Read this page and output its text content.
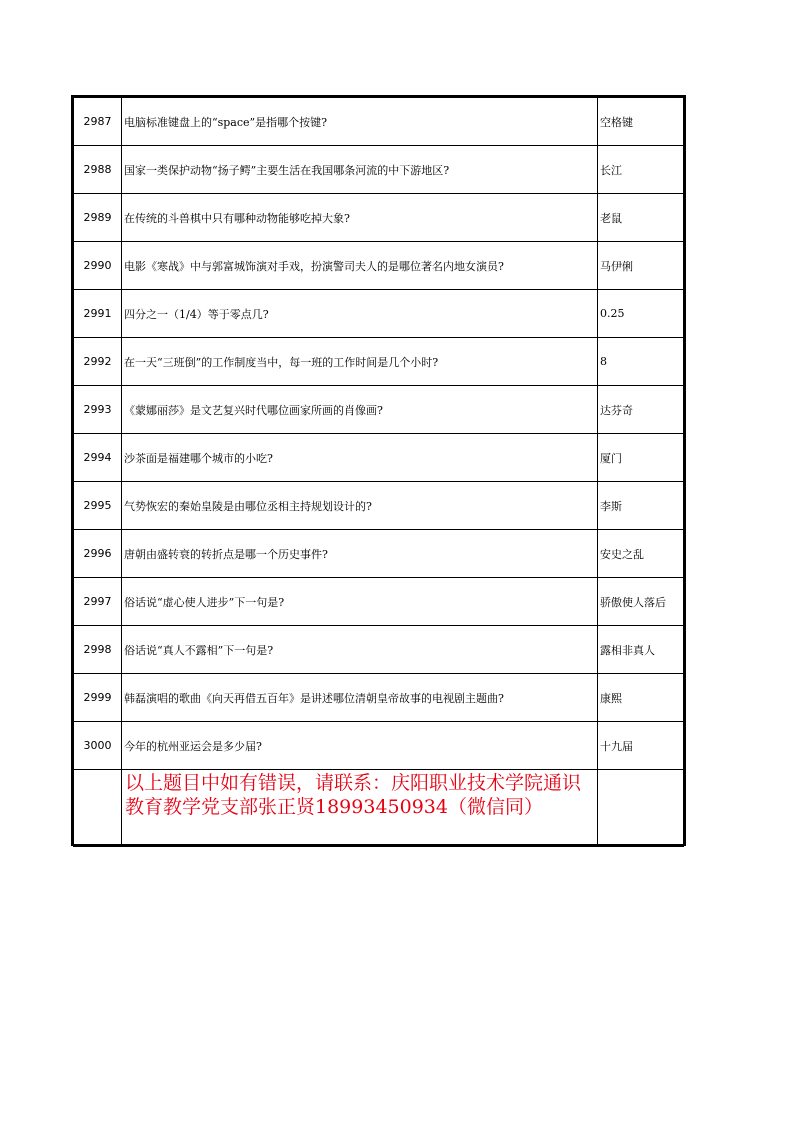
2987	电脑标准键盘上的“space”是指哪个按键?	空格键
2988	国家一类保护动物“扬子鳄”主要生活在我国哪条河流的中下游地区?	长江
2989	在传统的斗兽棋中只有哪种动物能够吃掉大象?	老鼠
2990	电影《寒战》中与郭富城饰演对手戏，扮演警司夫人的是哪位著名内地女演员?	马伊俐
2991	四分之一（1/4）等于零点几?	0.25
2992	在一天“三班倒”的工作制度当中，每一班的工作时间是几个小时?	8
2993	《蒙娜丽莎》是文艺复兴时代哪位画家所画的肖像画?	达芬奇
2994	沙茶面是福建哪个城市的小吃?	厦门
2995	气势恢宏的秦始皇陵是由哪位丞相主持规划设计的?	李斯
2996	唐朝由盛转衰的转折点是哪一个历史事件?	安史之乱
2997	俗话说“虚心使人进步”下一句是?	骄傲使人落后
2998	俗话说“真人不露相”下一句是?	露相非真人
2999	韩磊演唱的歌曲《向天再借五百年》是讲述哪位清朝皇帝故事的电视剧主题曲?	康熙
3000	今年的杭州亚运会是多少届?	十九届

	以上题目中如有错误，请联系：庆阳职业技术学院通识教育教学党支部张正贤18993450934（微信同）	
